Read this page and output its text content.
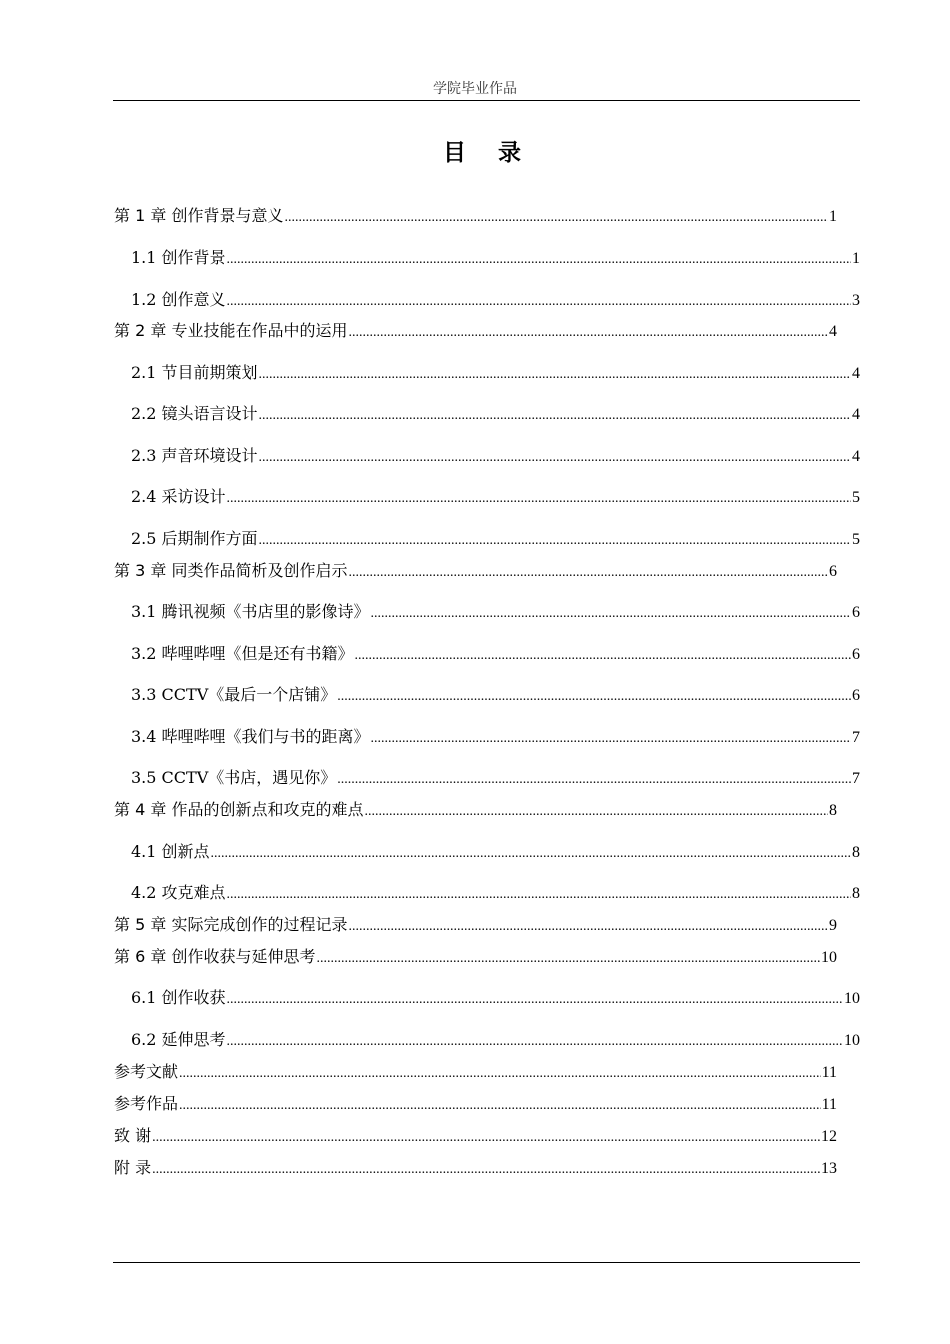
学院毕业作品
目 录
第 1 章 创作背景与意义 .....	1
1.1 创作背景 .....	1
1.2 创作意义 .....	3
第 2 章 专业技能在作品中的运用 .....	4
2.1 节目前期策划 .....	4
2.2 镜头语言设计 .....	4
2.3 声音环境设计 .....	4
2.4 采访设计 .....	5
2.5 后期制作方面 .....	5
第 3 章 同类作品简析及创作启示 .....	6
3.1 腾讯视频《书店里的影像诗》 .....	6
3.2 哔哩哔哩《但是还有书籍》 .....	6
3.3 CCTV《最后一个店铺》 .....	6
3.4 哔哩哔哩《我们与书的距离》 .....	7
3.5 CCTV《书店，遇见你》 .....	7
第 4 章 作品的创新点和攻克的难点 .....	8
4.1 创新点 .....	8
4.2 攻克难点 .....	8
第 5 章 实际完成创作的过程记录 .....	9
第 6 章 创作收获与延伸思考 .....	10
6.1 创作收获 .....	10
6.2 延伸思考 .....	10
参考文献 .....	11
参考作品 .....	11
致 谢 .....	12
附 录 .....	13
